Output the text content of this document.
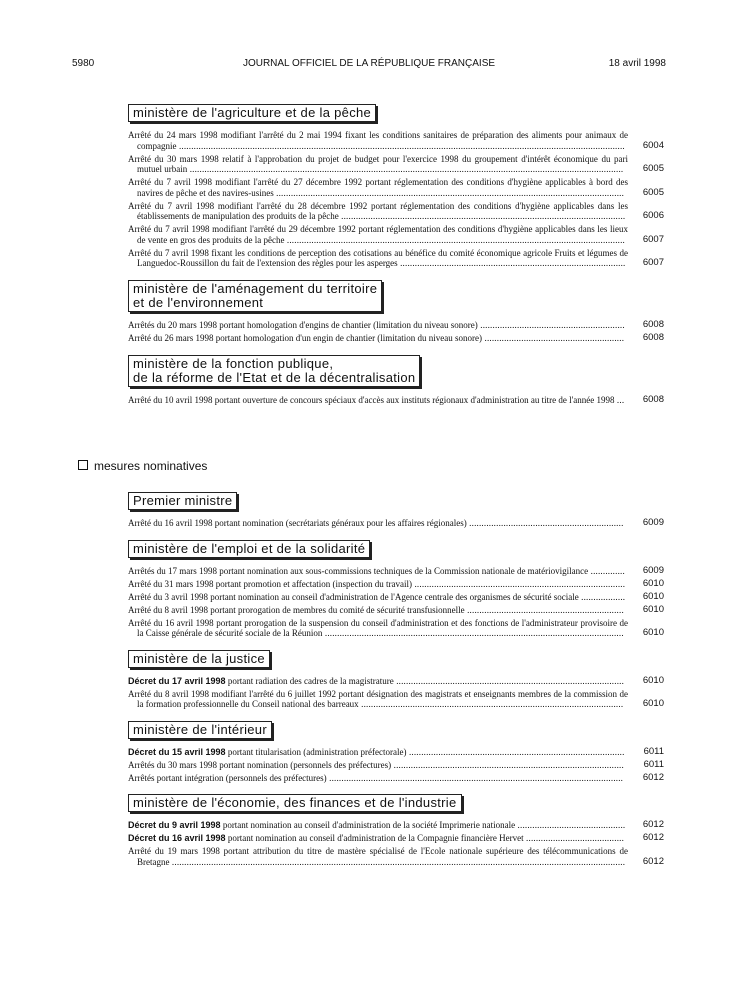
5980	JOURNAL OFFICIEL DE LA RÉPUBLIQUE FRANÇAISE	18 avril 1998
ministère de l'agriculture et de la pêche
Arrêté du 24 mars 1998 modifiant l'arrêté du 2 mai 1994 fixant les conditions sanitaires de préparation des aliments pour animaux de compagnie ......................................................................................................................................................................................	6004
Arrêté du 30 mars 1998 relatif à l'approbation du projet de budget pour l'exercice 1998 du groupement d'intérêt économique du pari mutuel urbain .................................................................................................................................................................................	6005
Arrêté du 7 avril 1998 modifiant l'arrêté du 27 décembre 1992 portant réglementation des conditions d'hygiène applicables à bord des navires de pêche et des navires-usines ..............................................................................................................................................	6005
Arrêté du 7 avril 1998 modifiant l'arrêté du 28 décembre 1992 portant réglementation des conditions d'hygiène applicables dans les établissements de manipulation des produits de la pêche ....................................................................................................................	6006
Arrêté du 7 avril 1998 modifiant l'arrêté du 29 décembre 1992 portant réglementation des conditions d'hygiène applicables dans les lieux de vente en gros des produits de la pêche ..........................................................................................................................................	6007
Arrêté du 7 avril 1998 fixant les conditions de perception des cotisations au bénéfice du comité économique agricole Fruits et légumes de Languedoc-Roussillon du fait de l'extension des règles pour les asperges ............................................................................................	6007
ministère de l'aménagement du territoire
et de l'environnement
Arrêtés du 20 mars 1998 portant homologation d'engins de chantier (limitation du niveau sonore) ...........................................................	6008
Arrêté du 26 mars 1998 portant homologation d'un engin de chantier (limitation du niveau sonore) .........................................................	6008
ministère de la fonction publique,
de la réforme de l'Etat et de la décentralisation
Arrêté du 10 avril 1998 portant ouverture de concours spéciaux d'accès aux instituts régionaux d'administration au titre de l'année 1998 ...	6008
mesures nominatives
Premier ministre
Arrêté du 16 avril 1998 portant nomination (secrétariats généraux pour les affaires régionales) ...............................................................	6009
ministère de l'emploi et de la solidarité
Arrêtés du 17 mars 1998 portant nomination aux sous-commissions techniques de la Commission nationale de matériovigilance ..............	6009
Arrêté du 31 mars 1998 portant promotion et affectation (inspection du travail) ......................................................................................	6010
Arrêté du 3 avril 1998 portant nomination au conseil d'administration de l'Agence centrale des organismes de sécurité sociale ..................	6010
Arrêté du 8 avril 1998 portant prorogation de membres du comité de sécurité transfusionnelle ................................................................	6010
Arrêté du 16 avril 1998 portant prorogation de la suspension du conseil d'administration et des fonctions de l'administrateur provisoire de la Caisse générale de sécurité sociale de la Réunion ..........................................................................................................................	6010
ministère de la justice
Décret du 17 avril 1998 portant radiation des cadres de la magistrature .............................................................................................	6010
Arrêté du 8 avril 1998 modifiant l'arrêté du 6 juillet 1992 portant désignation des magistrats et enseignants membres de la commission de la formation professionnelle du Conseil national des barreaux ...........................................................................................................	6010
ministère de l'intérieur
Décret du 15 avril 1998 portant titularisation (administration préfectorale) ........................................................................................	6011
Arrêtés du 30 mars 1998 portant nomination (personnels des préfectures) ..............................................................................................	6011
Arrêtés portant intégration (personnels des préfectures) ........................................................................................................................	6012
ministère de l'économie, des finances et de l'industrie
Décret du 9 avril 1998 portant nomination au conseil d'administration de la société Imprimerie nationale ............................................	6012
Décret du 16 avril 1998 portant nomination au conseil d'administration de la Compagnie financière Hervet ........................................	6012
Arrêté du 19 mars 1998 portant attribution du titre de mastère spécialisé de l'Ecole nationale supérieure des télécommunications de Bretagne .........................................................................................................................................................................................	6012
